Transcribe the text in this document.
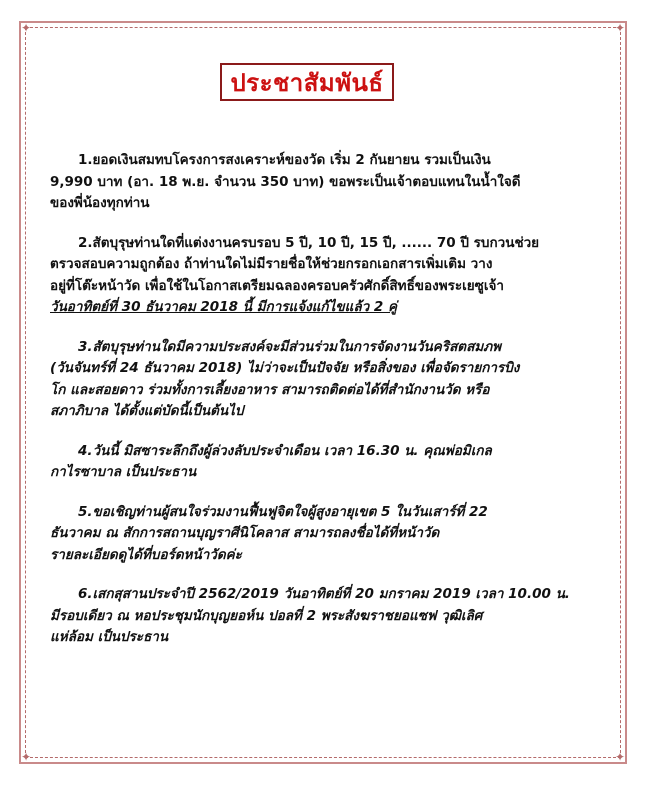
✦	✦
✦	✦
ประชาสัมพันธ์
1.ยอดเงินสมทบโครงการสงเคราะห์ของวัด เริ่ม 2 กันยายน รวมเป็นเงิน
9,990 บาท (อา. 18 พ.ย. จำนวน 350 บาท) ขอพระเป็นเจ้าตอบแทนในน้ำใจดี
ของพี่น้องทุกท่าน
2.สัตบุรุษท่านใดที่แต่งงานครบรอบ 5 ปี, 10 ปี, 15 ปี, ...... 70 ปี รบกวนช่วย
ตรวจสอบความถูกต้อง ถ้าท่านใดไม่มีรายชื่อให้ช่วยกรอกเอกสารเพิ่มเติม วาง
อยู่ที่โต๊ะหน้าวัด เพื่อใช้ในโอกาสเตรียมฉลองครอบครัวศักดิ์สิทธิ์ของพระเยซูเจ้า
วันอาทิตย์ที่ 30 ธันวาคม 2018 นี้ มีการแจ้งแก้ไขแล้ว 2 คู่
3.สัตบุรุษท่านใดมีความประสงค์จะมีส่วนร่วมในการจัดงานวันคริสตสมภพ
(วันจันทร์ที่ 24 ธันวาคม 2018) ไม่ว่าจะเป็นปัจจัย หรือสิ่งของ เพื่อจัดรายการบิง
โก และสอยดาว ร่วมทั้งการเลี้ยงอาหาร สามารถติดต่อได้ที่สำนักงานวัด หรือ
สภาภิบาล ได้ตั้งแต่บัดนี้เป็นต้นไป
4.วันนี้ มิสซาระลึกถึงผู้ล่วงลับประจำเดือน เวลา 16.30 น. คุณพ่อมิเกล
กาไรซาบาล เป็นประธาน
5.ขอเชิญท่านผู้สนใจร่วมงานฟื้นฟูจิตใจผู้สูงอายุเขต 5 ในวันเสาร์ที่ 22
ธันวาคม ณ สักการสถานบุญราศีนิโคลาส สามารถลงชื่อได้ที่หน้าวัด
รายละเอียดดูได้ที่บอร์ดหน้าวัดค่ะ
6.เสกสุสานประจำปี 2562/2019 วันอาทิตย์ที่ 20 มกราคม 2019 เวลา 10.00 น.
มีรอบเดียว ณ หอประชุมนักบุญยอห์น ปอลที่ 2 พระสังฆราชยอแซฟ วุฒิเลิศ
แห่ล้อม เป็นประธาน
